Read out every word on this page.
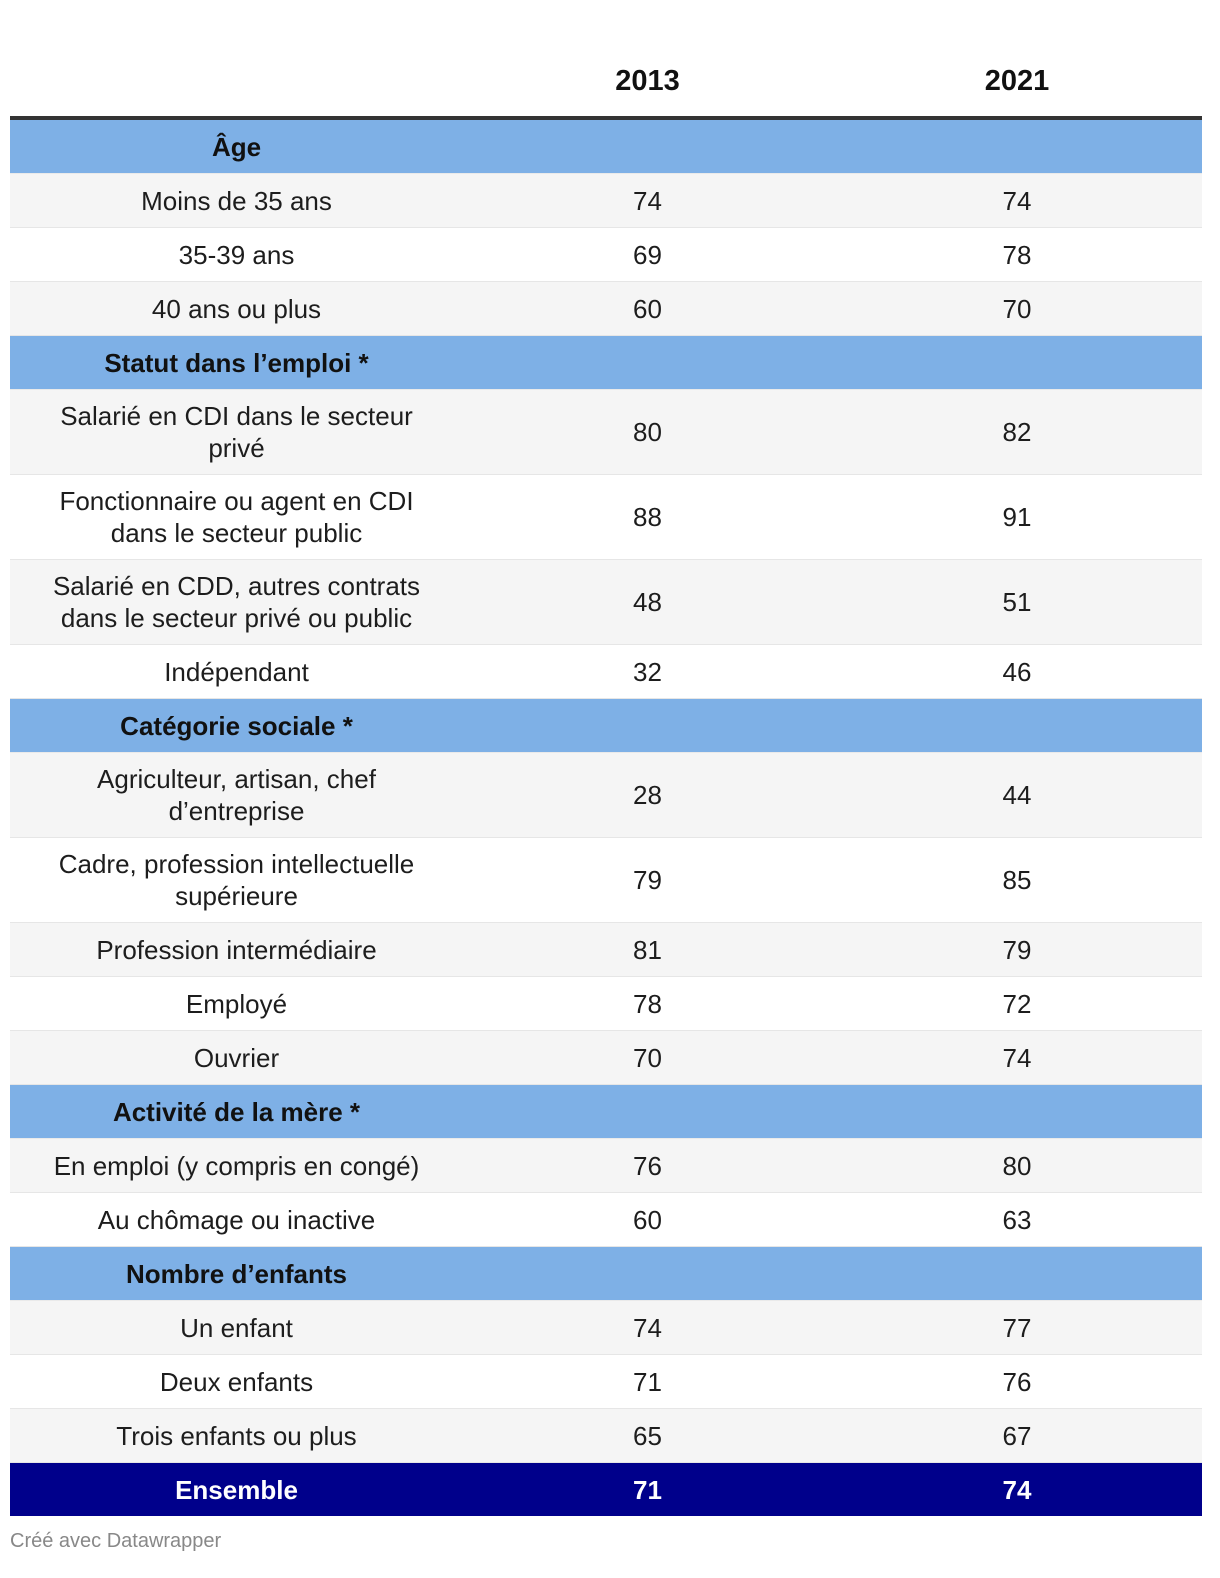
	2013	2021
Âge		
Moins de 35 ans	74	74
35-39 ans	69	78
40 ans ou plus	60	70
Statut dans l’emploi *		
Salarié en CDI dans le secteur privé	80	82
Fonctionnaire ou agent en CDI dans le secteur public	88	91
Salarié en CDD, autres contrats dans le secteur privé ou public	48	51
Indépendant	32	46
Catégorie sociale *		
Agriculteur, artisan, chef d’entreprise	28	44
Cadre, profession intellectuelle supérieure	79	85
Profession intermédiaire	81	79
Employé	78	72
Ouvrier	70	74
Activité de la mère *		
En emploi (y compris en congé)	76	80
Au chômage ou inactive	60	63
Nombre d’enfants		
Un enfant	74	77
Deux enfants	71	76
Trois enfants ou plus	65	67
Ensemble	71	74
Créé avec Datawrapper
